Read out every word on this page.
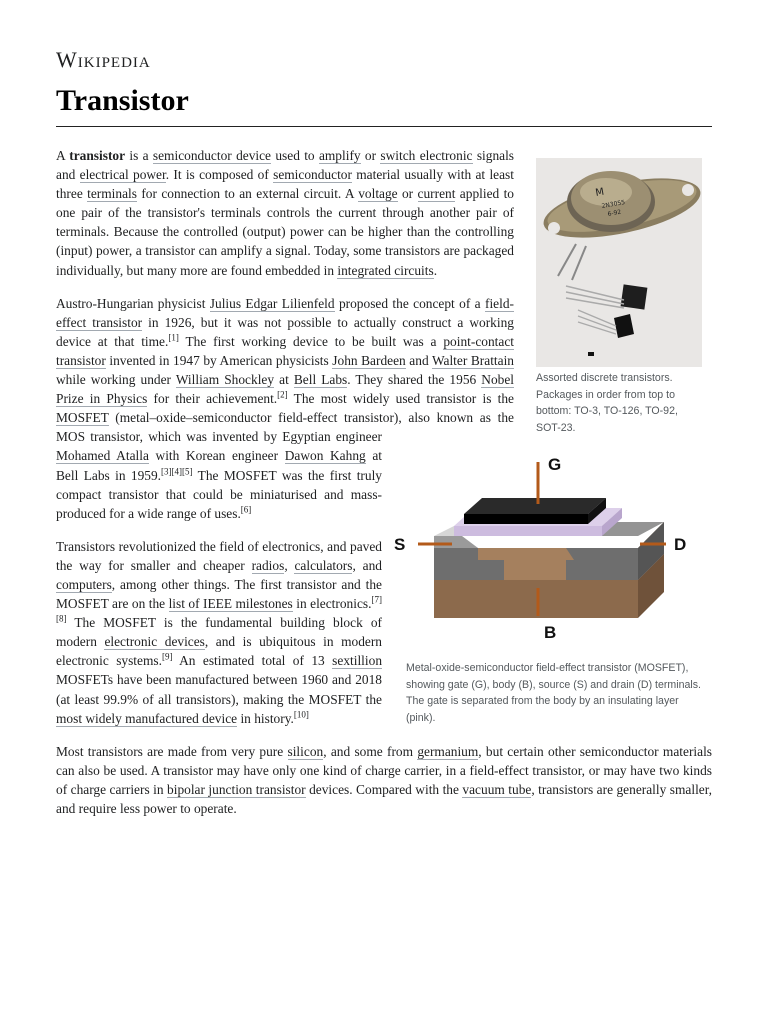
Wikipedia
Transistor
M
2N3055
6-92
Assorted discrete transistors. Packages in order from top to bottom: TO-3, TO-126, TO-92, SOT-23.

A transistor is a semiconductor device used to amplify or switch electronic signals and electrical power. It is composed of semiconductor material usually with at least three terminals for connection to an external circuit. A voltage or current applied to one pair of the transistor's terminals controls the current through another pair of terminals. Because the controlled (output) power can be higher than the controlling (input) power, a transistor can amplify a signal. Today, some transistors are packaged individually, but many more are found embedded in integrated circuits.

Austro-Hungarian physicist Julius Edgar Lilienfeld proposed the concept of a field-effect transistor in 1926, but it was not possible to actually construct a working device at that time.[1] The first working device to be built was a point-contact transistor invented in 1947 by American physicists John Bardeen and Walter Brattain while working under William Shockley at Bell Labs. They shared the 1956 Nobel Prize in Physics for their achievement.[2] The most widely used transistor is the
G
S	D
B
Metal-oxide-semiconductor field-effect transistor (MOSFET), showing gate (G), body (B), source (S) and drain (D) terminals. The gate is separated from the body by an insulating layer (pink).
MOSFET (metal–oxide–semiconductor field-effect transistor), also known as the MOS transistor, which was invented by Egyptian engineer Mohamed Atalla with Korean engineer Dawon Kahng at Bell Labs in 1959.[3][4][5] The MOSFET was the first truly compact transistor that could be miniaturised and mass-produced for a wide range of uses.[6]

Transistors revolutionized the field of electronics, and paved the way for smaller and cheaper radios, calculators, and computers, among other things. The first transistor and the MOSFET are on the list of IEEE milestones in electronics.[7][8] The MOSFET is the fundamental building block of modern electronic devices, and is ubiquitous in modern electronic systems.[9] An estimated total of 13 sextillion MOSFETs have been manufactured between 1960 and 2018 (at least 99.9% of all transistors), making the MOSFET the most widely manufactured device in history.[10]

Most transistors are made from very pure silicon, and some from germanium, but certain other semiconductor materials can also be used. A transistor may have only one kind of charge carrier, in a field-effect transistor, or may have two kinds of charge carriers in bipolar junction transistor devices. Compared with the vacuum tube, transistors are generally smaller, and require less power to operate.
